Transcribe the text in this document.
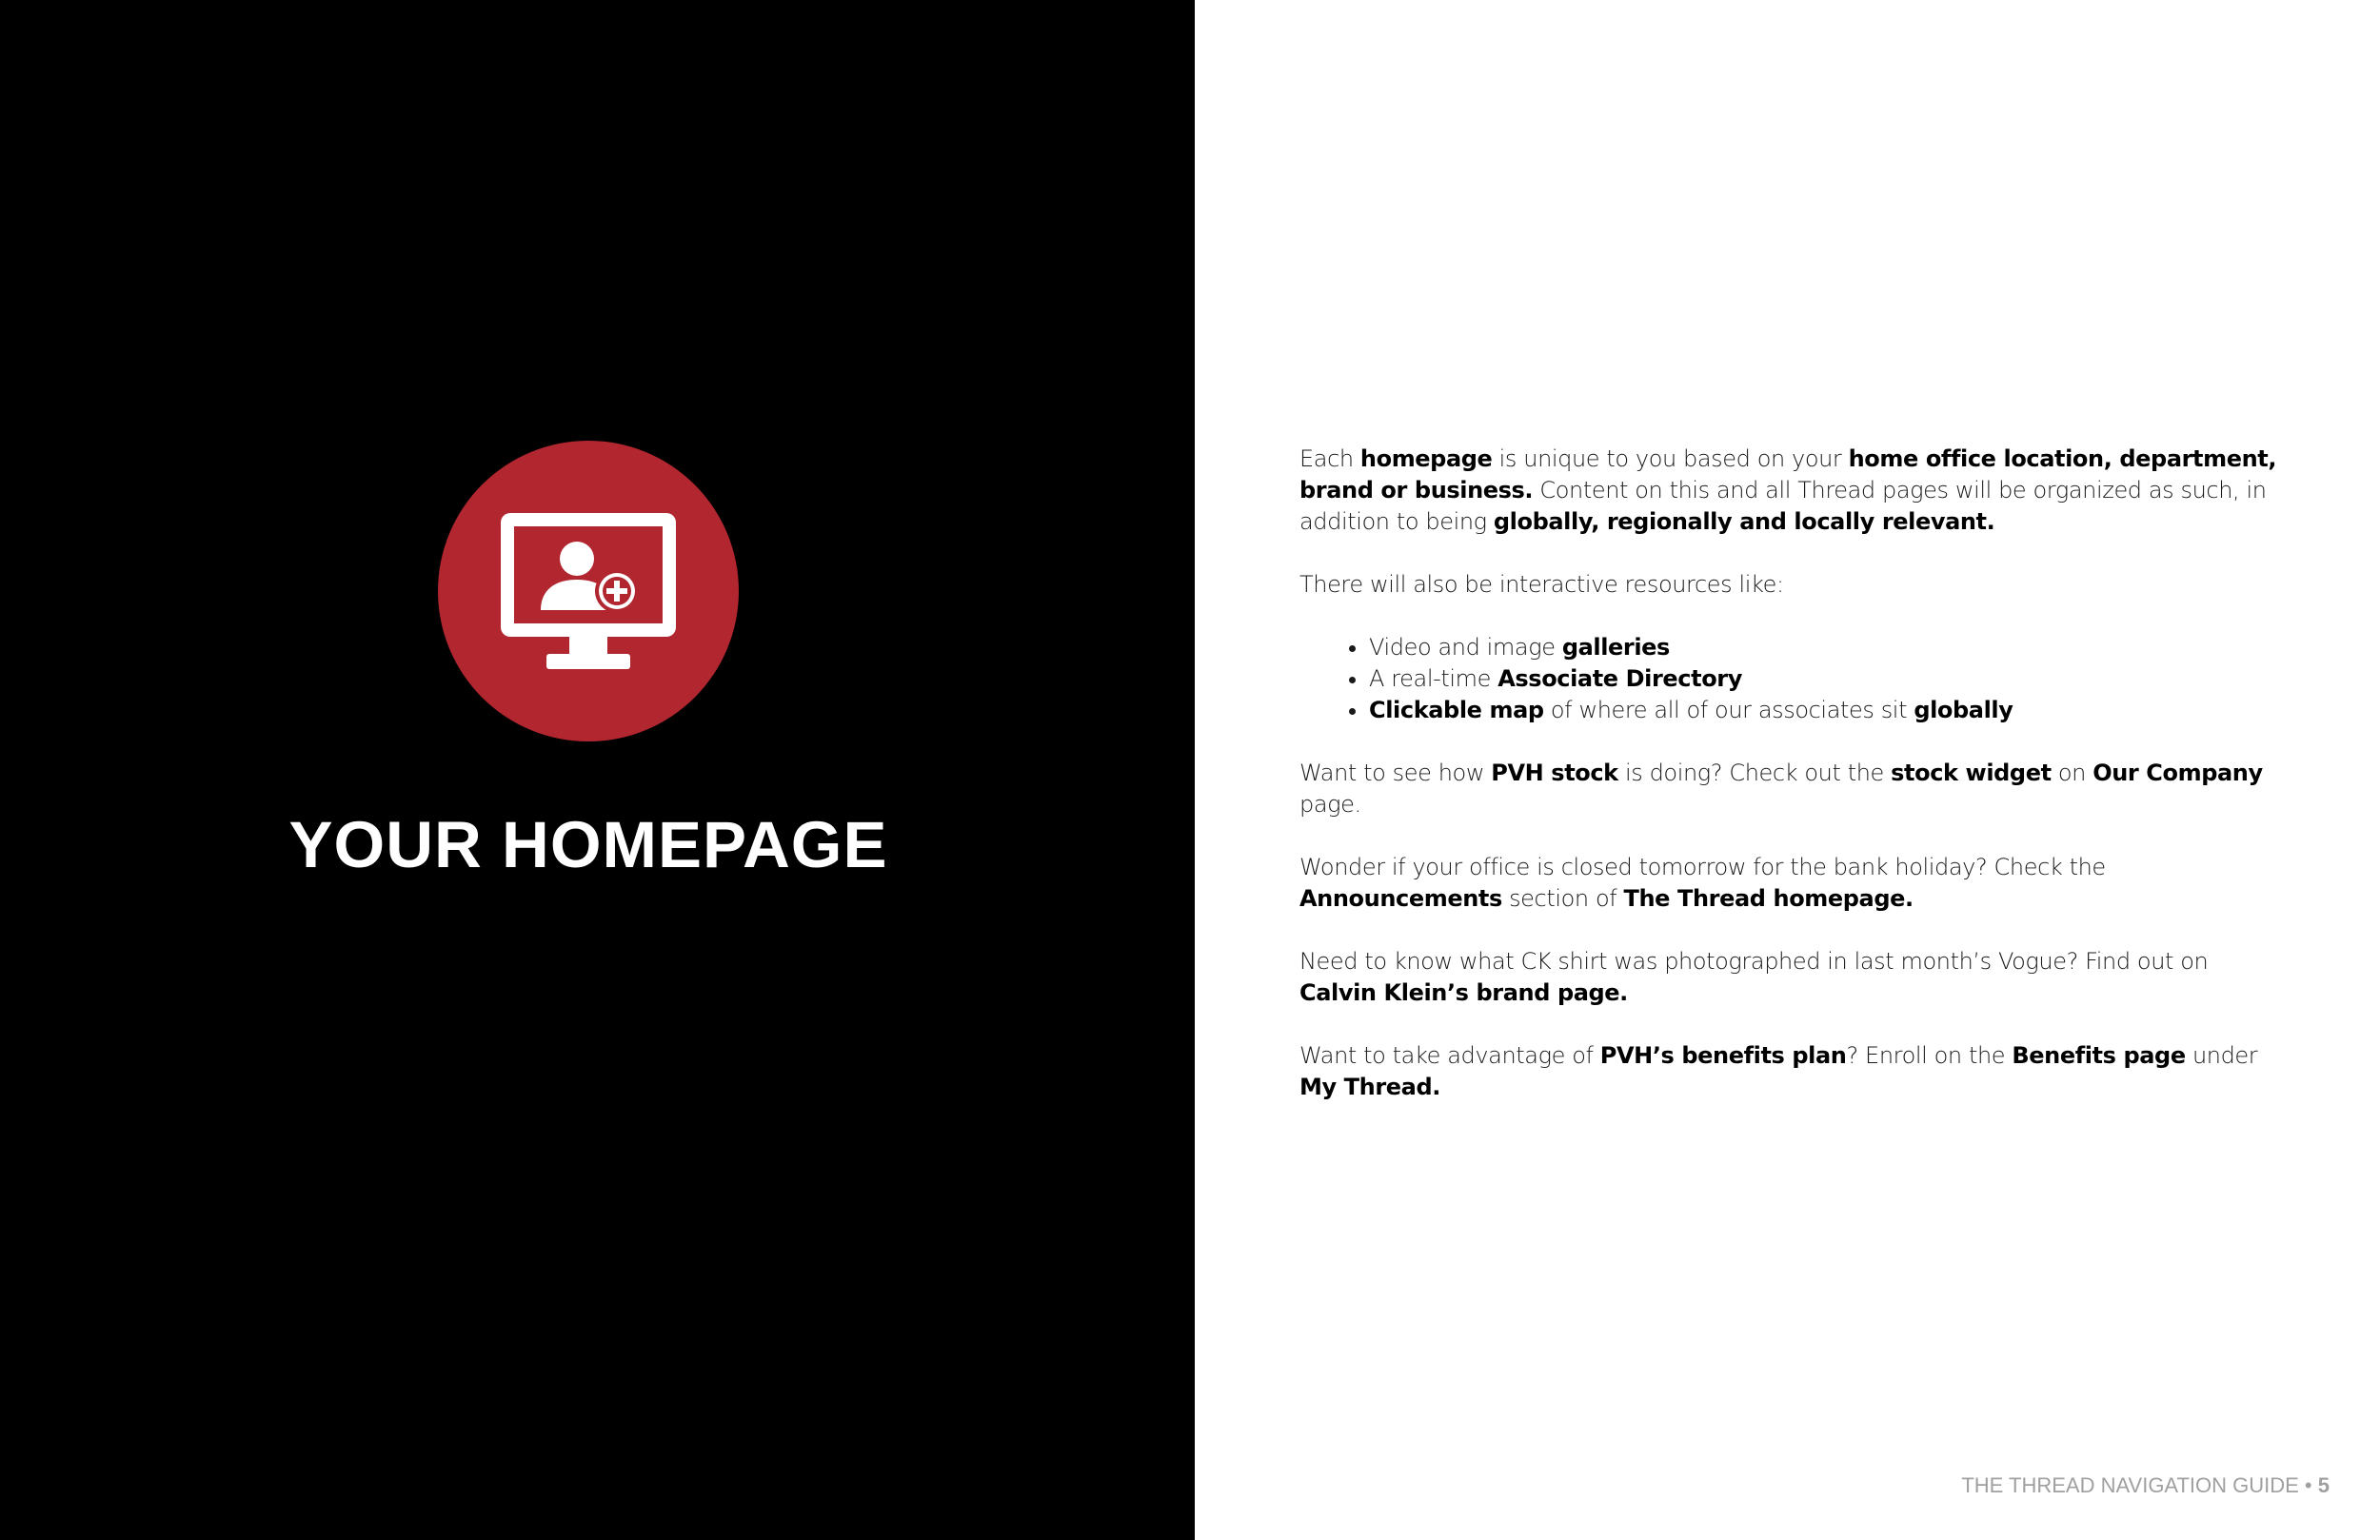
YOUR HOMEPAGE

Each homepage is unique to you based on your home office location, department, brand or business. Content on this and all Thread pages will be organized as such, in addition to being globally, regionally and locally relevant.

There will also be interactive resources like:

• Video and image galleries
• A real-time Associate Directory
• Clickable map of where all of our associates sit globally

Want to see how PVH stock is doing? Check out the stock widget on Our Company page.

Wonder if your office is closed tomorrow for the bank holiday? Check the Announcements section of The Thread homepage.

Need to know what CK shirt was photographed in last month’s Vogue? Find out on Calvin Klein’s brand page.

Want to take advantage of PVH’s benefits plan? Enroll on the Benefits page under My Thread.

THE THREAD NAVIGATION GUIDE • 5
